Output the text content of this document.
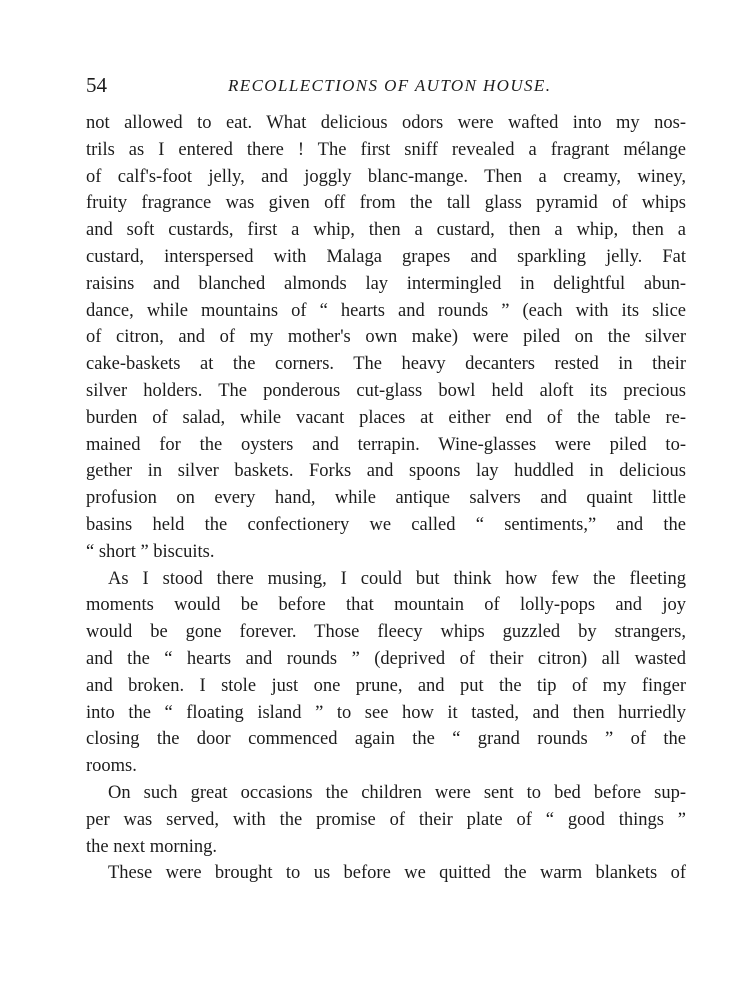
54	RECOLLECTIONS OF AUTON HOUSE.
not allowed to eat. What delicious odors were wafted into my nos-
trils as I entered there ! The first sniff revealed a fragrant mélange
of calf's-foot jelly, and joggly blanc-mange. Then a creamy, winey,
fruity fragrance was given off from the tall glass pyramid of whips
and soft custards, first a whip, then a custard, then a whip, then a
custard, interspersed with Malaga grapes and sparkling jelly. Fat
raisins and blanched almonds lay intermingled in delightful abun-
dance, while mountains of “ hearts and rounds ” (each with its slice
of citron, and of my mother's own make) were piled on the silver
cake-baskets at the corners. The heavy decanters rested in their
silver holders. The ponderous cut-glass bowl held aloft its precious
burden of salad, while vacant places at either end of the table re-
mained for the oysters and terrapin. Wine-glasses were piled to-
gether in silver baskets. Forks and spoons lay huddled in delicious
profusion on every hand, while antique salvers and quaint little
basins held the confectionery we called “ sentiments,” and the
“ short ” biscuits.
As I stood there musing, I could but think how few the fleeting
moments would be before that mountain of lolly-pops and joy
would be gone forever. Those fleecy whips guzzled by strangers,
and the “ hearts and rounds ” (deprived of their citron) all wasted
and broken. I stole just one prune, and put the tip of my finger
into the “ floating island ” to see how it tasted, and then hurriedly
closing the door commenced again the “ grand rounds ” of the
rooms.
On such great occasions the children were sent to bed before sup-
per was served, with the promise of their plate of “ good things ”
the next morning.
These were brought to us before we quitted the warm blankets of
